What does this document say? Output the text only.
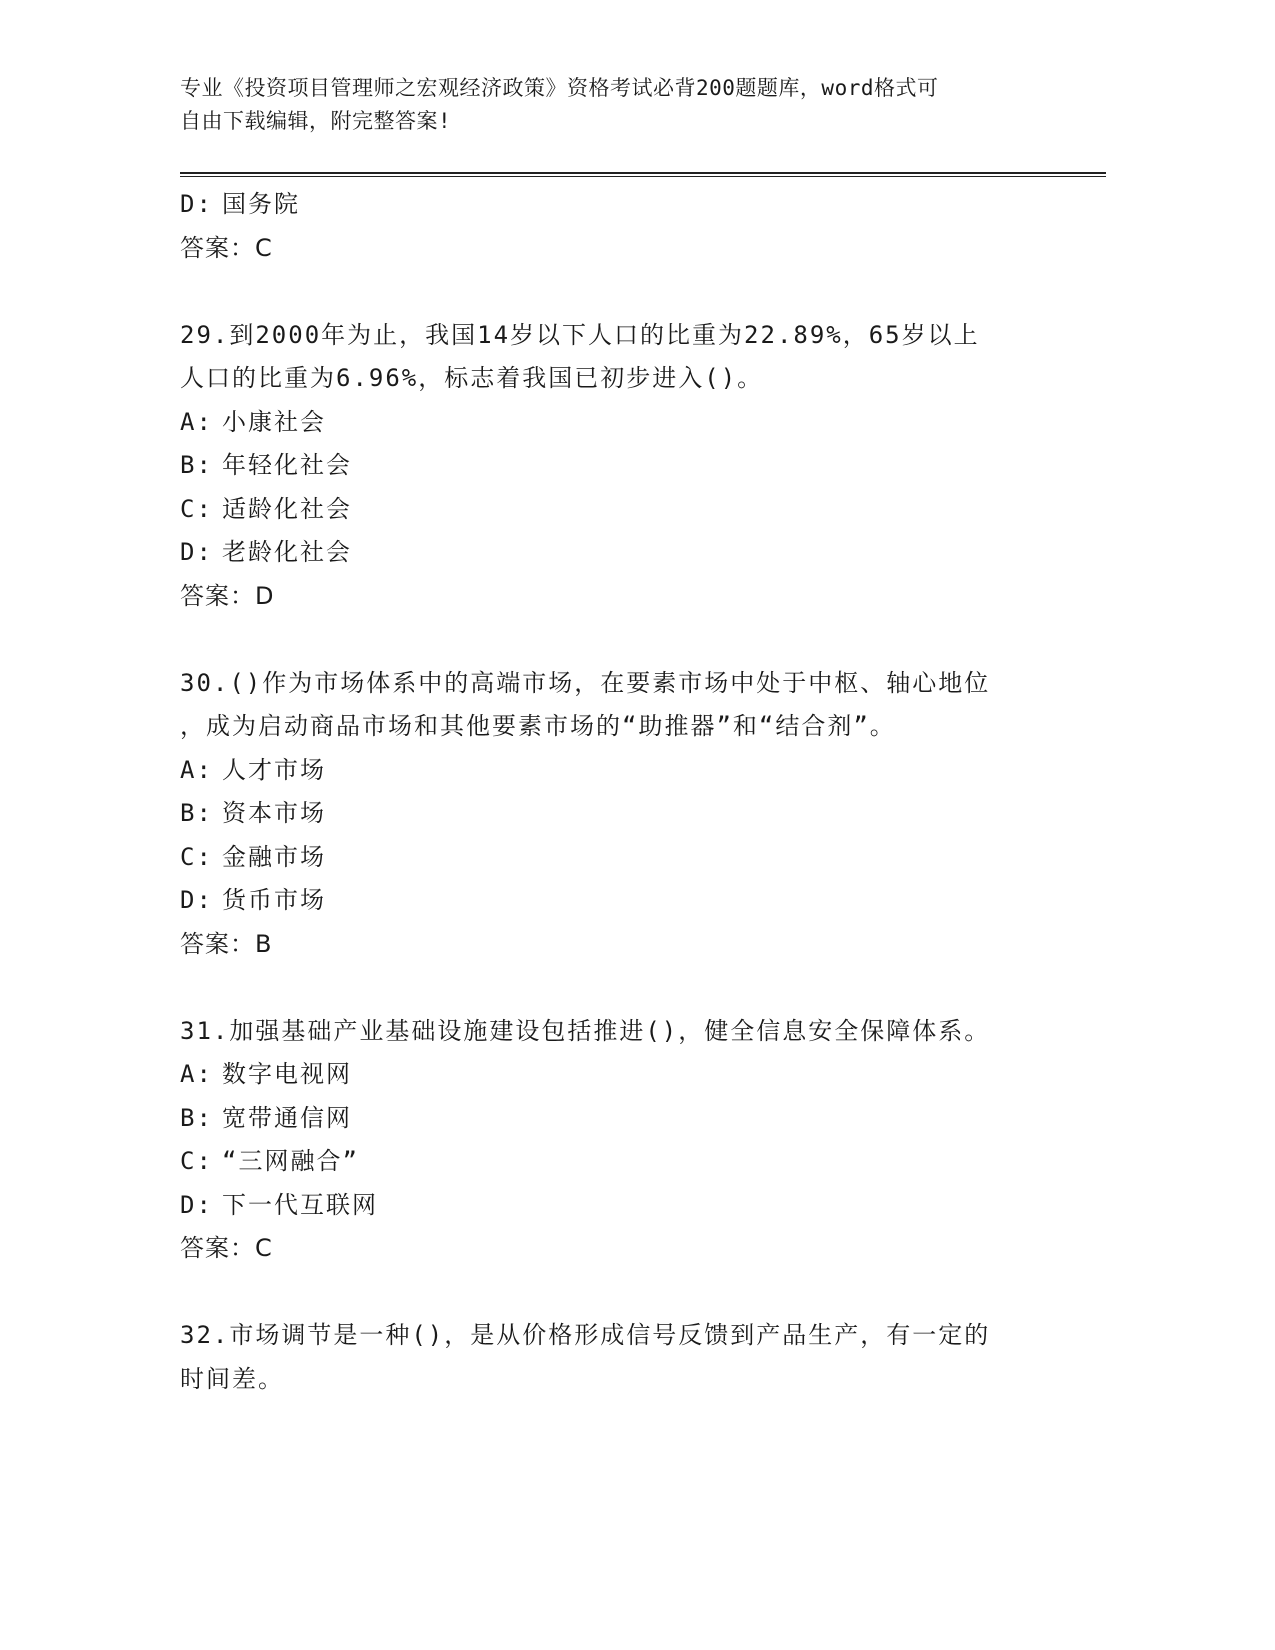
专业《投资项目管理师之宏观经济政策》资格考试必背200题题库，word格式可
自由下载编辑，附完整答案!
D: 国务院
答案：C
29.到2000年为止，我国14岁以下人口的比重为22.89%，65岁以上
人口的比重为6.96%，标志着我国已初步进入()。
A: 小康社会
B: 年轻化社会
C: 适龄化社会
D: 老龄化社会
答案：D
30.()作为市场体系中的高端市场，在要素市场中处于中枢、轴心地位
，成为启动商品市场和其他要素市场的“助推器”和“结合剂”。
A: 人才市场
B: 资本市场
C: 金融市场
D: 货币市场
答案：B
31.加强基础产业基础设施建设包括推进()，健全信息安全保障体系。
A: 数字电视网
B: 宽带通信网
C: “三网融合”
D: 下一代互联网
答案：C
32.市场调节是一种()，是从价格形成信号反馈到产品生产，有一定的
时间差。
